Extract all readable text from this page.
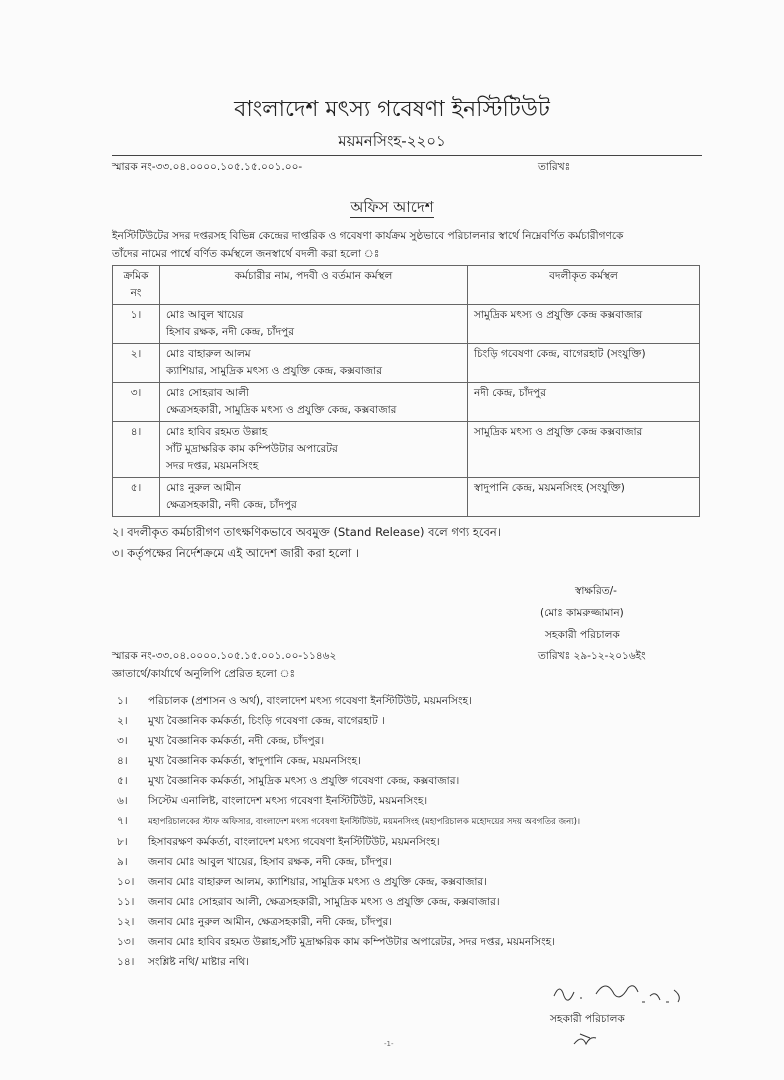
বাংলাদেশ মৎস্য গবেষণা ইনস্টিটিউট
ময়মনসিংহ-২২০১
স্মারক নং-৩৩.০৪.০০০০.১০৫.১৫.০০১.০০-	তারিখঃ
অফিস আদেশ
ইনস্টিটিউটের সদর দপ্তরসহ বিভিন্ন কেন্দ্রের দাপ্তরিক ও গবেষণা কার্যক্রম সুষ্ঠভাবে পরিচালনার স্বার্থে নিম্নেবর্ণিত কর্মচারীগণকে
তাঁদের নামের পার্শ্বে বর্ণিত কর্মস্থলে জনস্বার্থে বদলী করা হলো ঃ
ক্রমিক নং	কর্মচারীর নাম, পদবী ও বর্তমান কর্মস্থল	বদলীকৃত কর্মস্থল
১।	মোঃ আবুল খায়ের
হিসাব রক্ষক, নদী কেন্দ্র, চাঁদপুর	সামুদ্রিক মৎস্য ও প্রযুক্তি কেন্দ্র কক্সবাজার
২।	মোঃ বাহারুল আলম
ক্যাশিয়ার, সামুদ্রিক মৎস্য ও প্রযুক্তি কেন্দ্র, কক্সবাজার	চিংড়ি গবেষণা কেন্দ্র, বাগেরহাট (সংযুক্তি)
৩।	মোঃ সোহরাব আলী
ক্ষেত্রসহকারী, সামুদ্রিক মৎস্য ও প্রযুক্তি কেন্দ্র, কক্সবাজার	নদী কেন্দ্র, চাঁদপুর
৪।	মোঃ হাবিব রহমত উল্লাহ
সাঁট মুদ্রাক্ষরিক কাম কম্পিউটার অপারেটর
সদর দপ্তর, ময়মনসিংহ	সামুদ্রিক মৎস্য ও প্রযুক্তি কেন্দ্র কক্সবাজার
৫।	মোঃ নুরুল আমীন
ক্ষেত্রসহকারী, নদী কেন্দ্র, চাঁদপুর	স্বাদুপানি কেন্দ্র, ময়মনসিংহ (সংযুক্তি)
২। বদলীকৃত কর্মচারীগণ তাৎক্ষণিকভাবে অবমুক্ত (Stand Release) বলে গণ্য হবেন।
৩। কর্তৃপক্ষের নির্দেশক্রমে এই আদেশ জারী করা হলো ।
স্বাক্ষরিত/-
(মোঃ কামরুজ্জামান)
সহকারী পরিচালক
স্মারক নং-৩৩.০৪.০০০০.১০৫.১৫.০০১.০০-১১৪৬২	তারিখঃ ২৯-১২-২০১৬ইং
জ্ঞাতার্থে/কার্যার্থে অনুলিপি প্রেরিত হলো ঃ
১। পরিচালক (প্রশাসন ও অর্থ), বাংলাদেশ মৎস্য গবেষণা ইনস্টিটিউট, ময়মনসিংহ।
২। মুখ্য বৈজ্ঞানিক কর্মকর্তা, চিংড়ি গবেষণা কেন্দ্র, বাগেরহাট ।
৩। মুখ্য বৈজ্ঞানিক কর্মকর্তা, নদী কেন্দ্র, চাঁদপুর।
৪। মুখ্য বৈজ্ঞানিক কর্মকর্তা, স্বাদুপানি কেন্দ্র, ময়মনসিংহ।
৫। মুখ্য বৈজ্ঞানিক কর্মকর্তা, সামুদ্রিক মৎস্য ও প্রযুক্তি গবেষণা কেন্দ্র, কক্সবাজার।
৬। সিস্টেম এনালিষ্ট, বাংলাদেশ মৎস্য গবেষণা ইনস্টিটিউট, ময়মনসিংহ।
৭। মহাপরিচালকের স্টাফ অফিসার, বাংলাদেশ মৎস্য গবেষণা ইনস্টিটিউট, ময়মনসিংহ (মহাপরিচালক মহোদয়ের সদয় অবগতির জন্য)।
৮। হিসাবরক্ষণ কর্মকর্তা, বাংলাদেশ মৎস্য গবেষণা ইনস্টিটিউট, ময়মনসিংহ।
৯। জনাব মোঃ আবুল খায়ের, হিসাব রক্ষক, নদী কেন্দ্র, চাঁদপুর।
১০। জনাব মোঃ বাহারুল আলম, ক্যাশিয়ার, সামুদ্রিক মৎস্য ও প্রযুক্তি কেন্দ্র, কক্সবাজার।
১১। জনাব মোঃ সোহরাব আলী, ক্ষেত্রসহকারী, সামুদ্রিক মৎস্য ও প্রযুক্তি কেন্দ্র, কক্সবাজার।
১২। জনাব মোঃ নুরুল আমীন, ক্ষেত্রসহকারী, নদী কেন্দ্র, চাঁদপুর।
১৩। জনাব মোঃ হাবিব রহমত উল্লাহ,সাঁট মুদ্রাক্ষরিক কাম কম্পিউটার অপারেটর, সদর দপ্তর, ময়মনসিংহ।
১৪। সংশ্লিষ্ট নথি/ মাষ্টার নথি।
সহকারী পরিচালক
-1-
